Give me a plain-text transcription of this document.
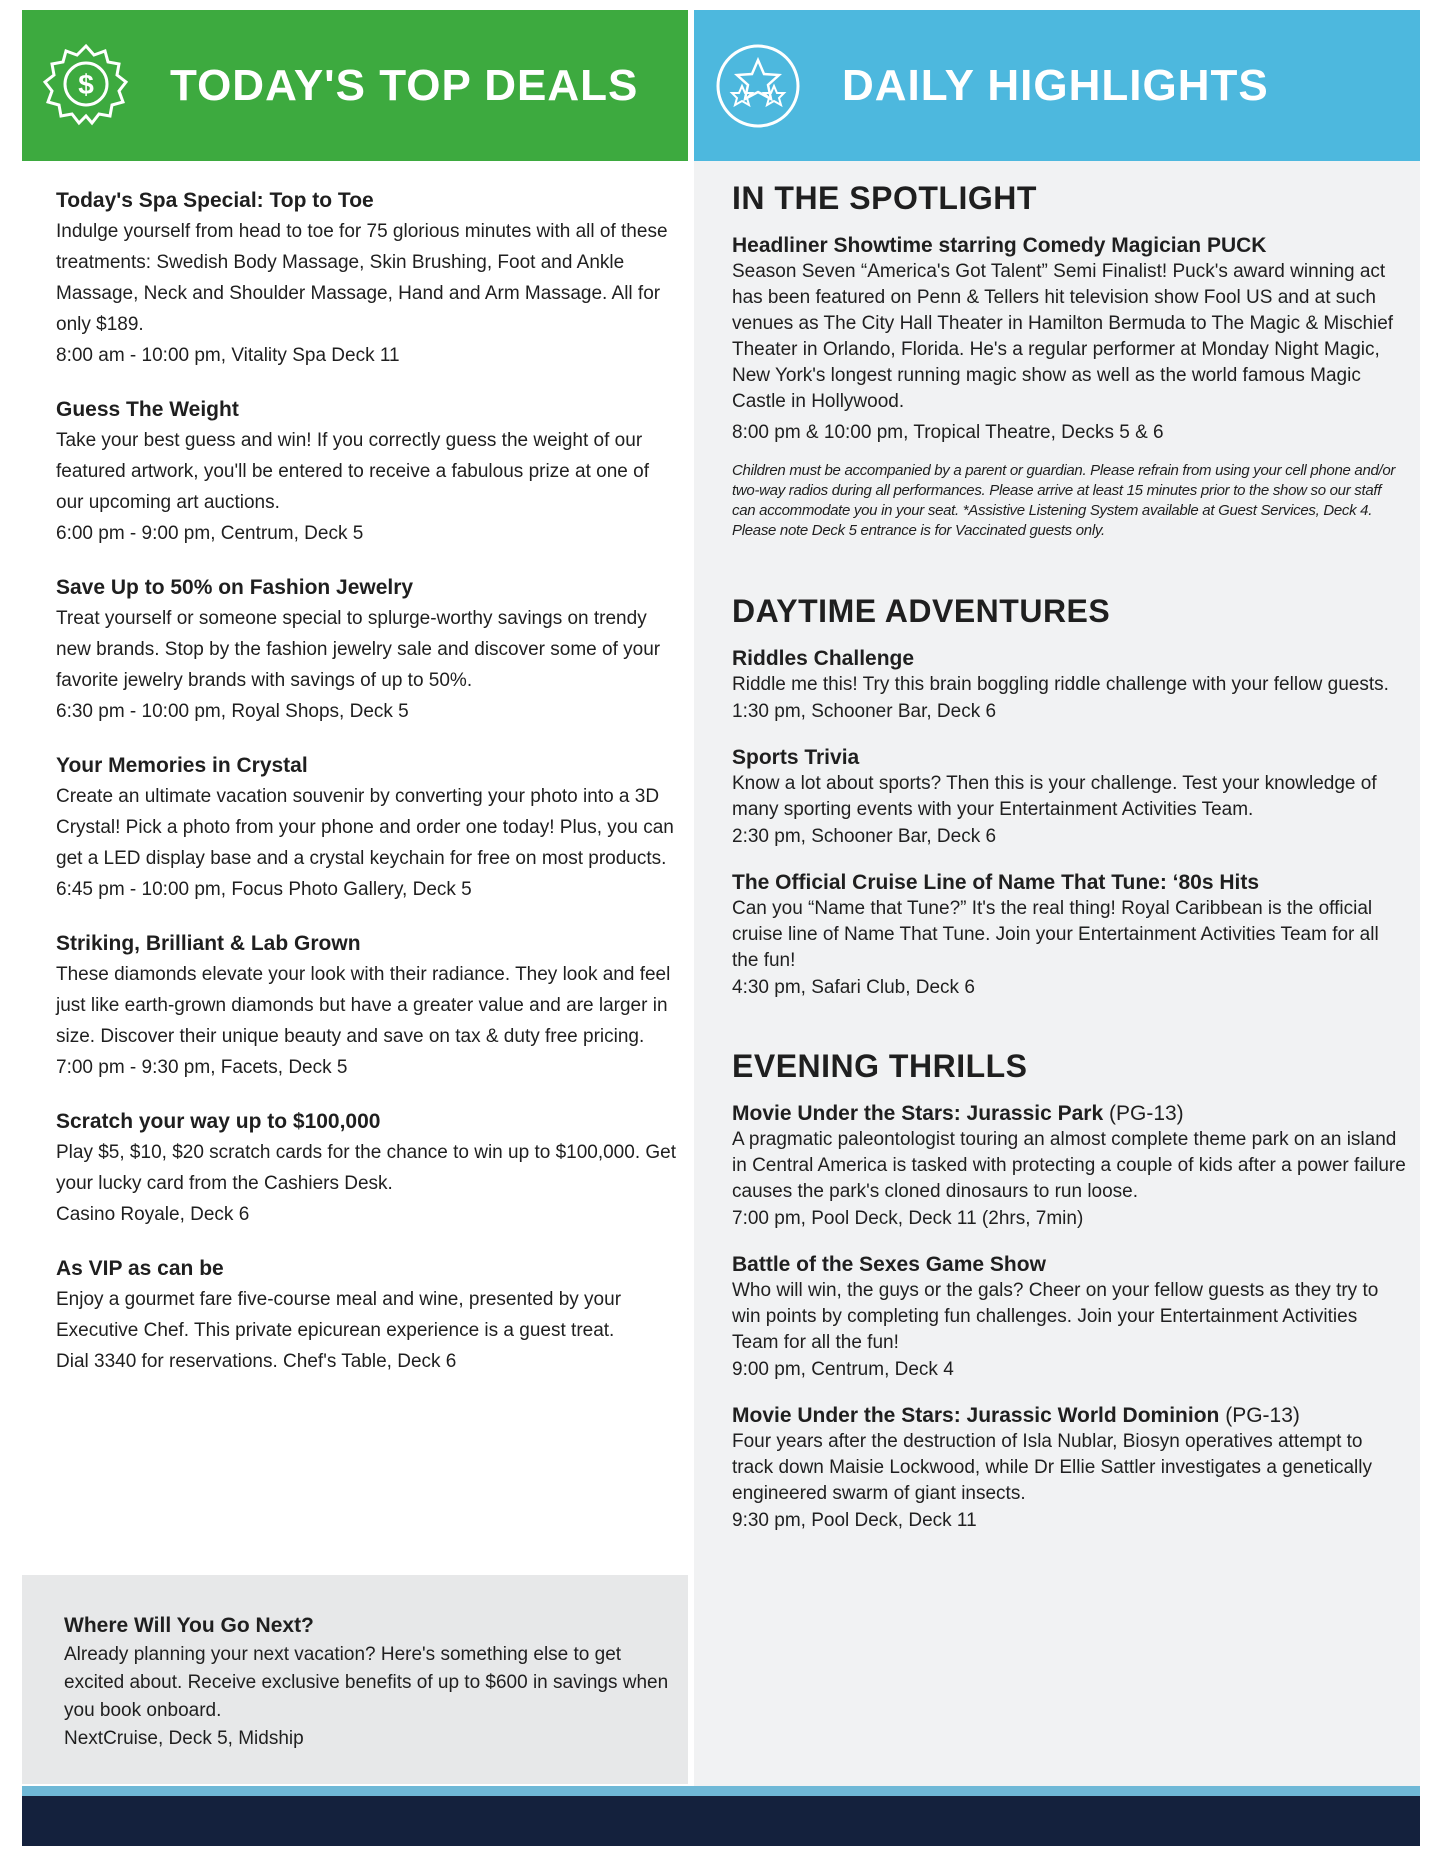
$ TODAY'S TOP DEALS
Today's Spa Special: Top to Toe
Indulge yourself from head to toe for 75 glorious minutes with all of these treatments: Swedish Body Massage, Skin Brushing, Foot and Ankle Massage, Neck and Shoulder Massage, Hand and Arm Massage. All for only $189.
8:00 am - 10:00 pm, Vitality Spa Deck 11
Guess The Weight
Take your best guess and win! If you correctly guess the weight of our featured artwork, you'll be entered to receive a fabulous prize at one of our upcoming art auctions.
6:00 pm - 9:00 pm, Centrum, Deck 5
Save Up to 50% on Fashion Jewelry
Treat yourself or someone special to splurge-worthy savings on trendy new brands. Stop by the fashion jewelry sale and discover some of your favorite jewelry brands with savings of up to 50%.
6:30 pm - 10:00 pm, Royal Shops, Deck 5
Your Memories in Crystal
Create an ultimate vacation souvenir by converting your photo into a 3D Crystal! Pick a photo from your phone and order one today! Plus, you can get a LED display base and a crystal keychain for free on most products.
6:45 pm - 10:00 pm, Focus Photo Gallery, Deck 5
Striking, Brilliant & Lab Grown
These diamonds elevate your look with their radiance. They look and feel just like earth-grown diamonds but have a greater value and are larger in size. Discover their unique beauty and save on tax & duty free pricing.
7:00 pm - 9:30 pm, Facets, Deck 5
Scratch your way up to $100,000
Play $5, $10, $20 scratch cards for the chance to win up to $100,000. Get your lucky card from the Cashiers Desk.
Casino Royale, Deck 6
As VIP as can be
Enjoy a gourmet fare five-course meal and wine, presented by your Executive Chef. This private epicurean experience is a guest treat.
Dial 3340 for reservations. Chef's Table, Deck 6
Where Will You Go Next?
Already planning your next vacation? Here's something else to get excited about. Receive exclusive benefits of up to $600 in savings when you book onboard.
NextCruise, Deck 5, Midship
DAILY HIGHLIGHTS
IN THE SPOTLIGHT
Headliner Showtime starring Comedy Magician PUCK
Season Seven “America's Got Talent” Semi Finalist! Puck's award winning act has been featured on Penn & Tellers hit television show Fool US and at such venues as The City Hall Theater in Hamilton Bermuda to The Magic & Mischief Theater in Orlando, Florida. He's a regular performer at Monday Night Magic, New York's longest running magic show as well as the world famous Magic Castle in Hollywood.
8:00 pm & 10:00 pm, Tropical Theatre, Decks 5 & 6
Children must be accompanied by a parent or guardian. Please refrain from using your cell phone and/or two-way radios during all performances. Please arrive at least 15 minutes prior to the show so our staff can accommodate you in your seat. *Assistive Listening System available at Guest Services, Deck 4. Please note Deck 5 entrance is for Vaccinated guests only.
DAYTIME ADVENTURES
Riddles Challenge
Riddle me this! Try this brain boggling riddle challenge with your fellow guests.
1:30 pm, Schooner Bar, Deck 6
Sports Trivia
Know a lot about sports? Then this is your challenge. Test your knowledge of many sporting events with your Entertainment Activities Team.
2:30 pm, Schooner Bar, Deck 6
The Official Cruise Line of Name That Tune: ‘80s Hits
Can you “Name that Tune?” It's the real thing! Royal Caribbean is the official cruise line of Name That Tune. Join your Entertainment Activities Team for all the fun!
4:30 pm, Safari Club, Deck 6
EVENING THRILLS
Movie Under the Stars: Jurassic Park (PG-13)
A pragmatic paleontologist touring an almost complete theme park on an island in Central America is tasked with protecting a couple of kids after a power failure causes the park's cloned dinosaurs to run loose.
7:00 pm, Pool Deck, Deck 11 (2hrs, 7min)
Battle of the Sexes Game Show
Who will win, the guys or the gals? Cheer on your fellow guests as they try to win points by completing fun challenges. Join your Entertainment Activities Team for all the fun!
9:00 pm, Centrum, Deck 4
Movie Under the Stars: Jurassic World Dominion (PG-13)
Four years after the destruction of Isla Nublar, Biosyn operatives attempt to track down Maisie Lockwood, while Dr Ellie Sattler investigates a genetically engineered swarm of giant insects.
9:30 pm, Pool Deck, Deck 11
